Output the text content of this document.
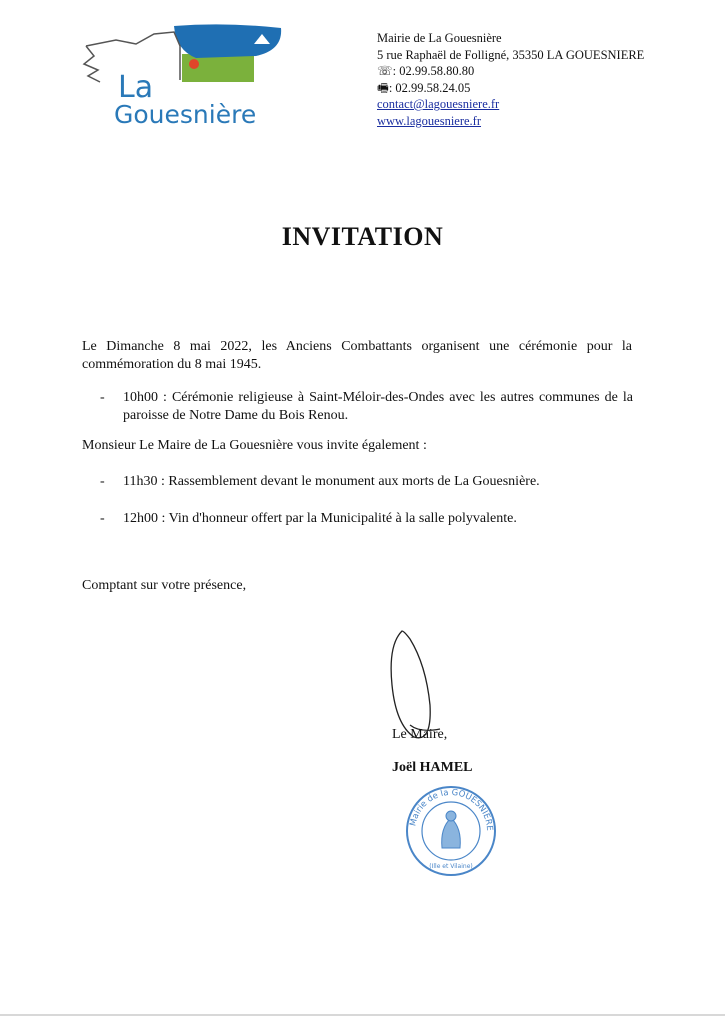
La
Gouesnière
Mairie de La Gouesnière
5 rue Raphaël de Folligné, 35350 LA GOUESNIERE
☏: 02.99.58.80.80
🖷: 02.99.58.24.05
contact@lagouesniere.fr
www.lagouesniere.fr
INVITATION
Le Dimanche 8 mai 2022, les Anciens Combattants organisent une cérémonie pour la commémoration du 8 mai 1945.
- 10h00 : Cérémonie religieuse à Saint-Méloir-des-Ondes avec les autres communes de la paroisse de Notre Dame du Bois Renou.
Monsieur Le Maire de La Gouesnière vous invite également :
- 11h30 : Rassemblement devant le monument aux morts de La Gouesnière.
- 12h00 : Vin d'honneur offert par la Municipalité à la salle polyvalente.
Comptant sur votre présence,
Le Maire,
Joël HAMEL
Mairie de la GOUESNIERE
(Ille et Vilaine)
